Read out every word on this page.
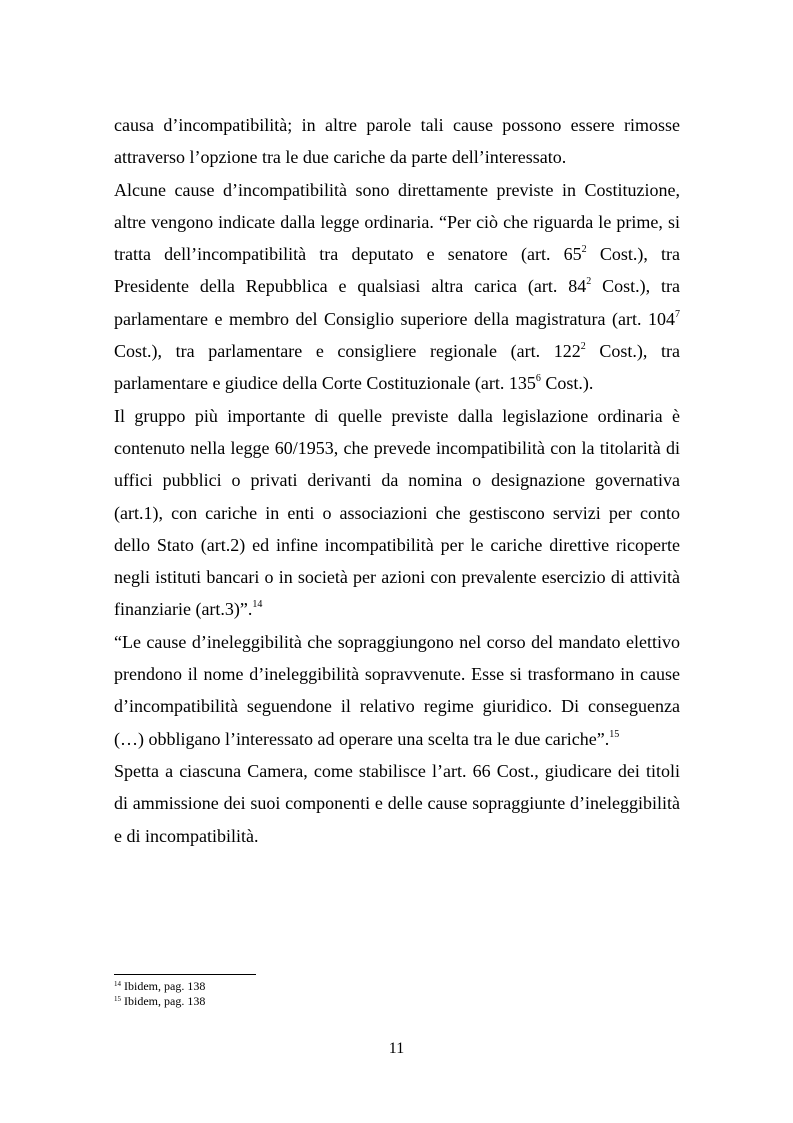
causa d’incompatibilità; in altre parole tali cause possono essere rimosse attraverso l’opzione tra le due cariche da parte dell’interessato.

Alcune cause d’incompatibilità sono direttamente previste in Costituzione, altre vengono indicate dalla legge ordinaria. “Per ciò che riguarda le prime, si tratta dell’incompatibilità tra deputato e senatore (art. $65^2$ Cost.), tra Presidente della Repubblica e qualsiasi altra carica (art. $84^2$ Cost.), tra parlamentare e membro del Consiglio superiore della magistratura (art. $104^7$ Cost.), tra parlamentare e consigliere regionale (art. $122^2$ Cost.), tra parlamentare e giudice della Corte Costituzionale (art. $135^6$ Cost.).

Il gruppo più importante di quelle previste dalla legislazione ordinaria è contenuto nella legge 60/1953, che prevede incompatibilità con la titolarità di uffici pubblici o privati derivanti da nomina o designazione governativa (art.1), con cariche in enti o associazioni che gestiscono servizi per conto dello Stato (art.2) ed infine incompatibilità per le cariche direttive ricoperte negli istituti bancari o in società per azioni con prevalente esercizio di attività finanziarie (art.3)”.$^{14}$

“Le cause d’ineleggibilità che sopraggiungono nel corso del mandato elettivo prendono il nome d’ineleggibilità sopravvenute. Esse si trasformano in cause d’incompatibilità seguendone il relativo regime giuridico. Di conseguenza (…) obbligano l’interessato ad operare una scelta tra le due cariche”.$^{15}$

Spetta a ciascuna Camera, come stabilisce l’art. 66 Cost., giudicare dei titoli di ammissione dei suoi componenti e delle cause sopraggiunte d’ineleggibilità e di incompatibilità.

$^{14}$ Ibidem, pag. 138
$^{15}$ Ibidem, pag. 138
11
